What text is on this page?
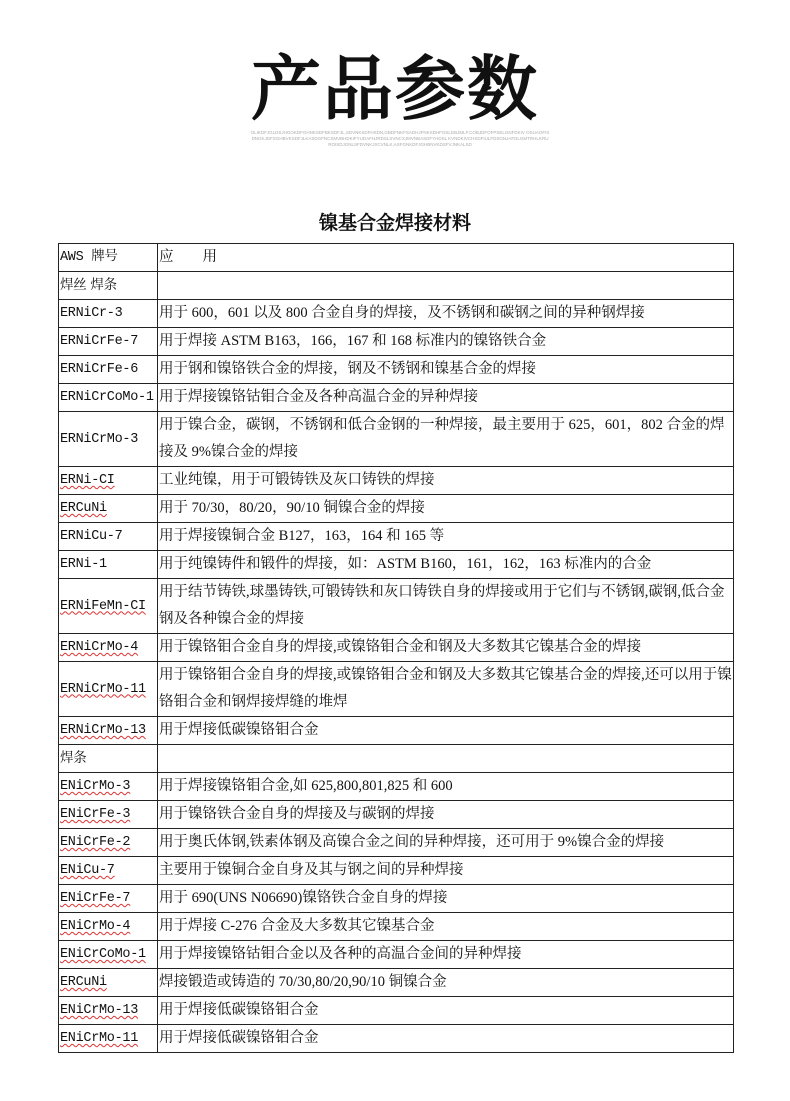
产品参数
OLIKDFJGLDSJHGOKDFGHNKSDFBKSDFJL,SDVNKSDFHSDN,GBDFNKFSADHJFNKSDHFOSLDBJMLF.COBJDFOFPSELGNFDKIV OSUAOFISDNGKJDFSGHBVKSDFJLKASDGFNCXMVBHDKIFYUDAFHJRDSLSVNCXJMVNBASDFYHDSL KVNDKIVCHSDFIULFDSGNJAFDLGMTRHLKRUROISDJGNLSFDVNKJXCVNLK,ASFGNKDFJGHBNVKDSFVJNKALSD
镍基合金焊接材料
AWS 牌号	应　　用
焊丝 焊条	
ERNiCr-3	用于 600，601 以及 800 合金自身的焊接，及不锈钢和碳钢之间的异种钢焊接
ERNiCrFe-7	用于焊接 ASTM B163，166，167 和 168 标准内的镍铬铁合金
ERNiCrFe-6	用于钢和镍铬铁合金的焊接，钢及不锈钢和镍基合金的焊接
ERNiCrCoMo-1	用于焊接镍铬钴钼合金及各种高温合金的异种焊接
ERNiCrMo-3	用于镍合金，碳钢，不锈钢和低合金钢的一种焊接，最主要用于 625，601，802 合金的焊接及 9%镍合金的焊接
ERNi-CI	工业纯镍，用于可锻铸铁及灰口铸铁的焊接
ERCuNi	用于 70/30，80/20，90/10 铜镍合金的焊接
ERNiCu-7	用于焊接镍铜合金 B127，163，164 和 165 等
ERNi-1	用于纯镍铸件和锻件的焊接，如：ASTM B160，161，162，163 标准内的合金
ERNiFeMn-CI	用于结节铸铁,球墨铸铁,可锻铸铁和灰口铸铁自身的焊接或用于它们与不锈钢,碳钢,低合金钢及各种镍合金的焊接
ERNiCrMo-4	用于镍铬钼合金自身的焊接,或镍铬钼合金和钢及大多数其它镍基合金的焊接
ERNiCrMo-11	用于镍铬钼合金自身的焊接,或镍铬钼合金和钢及大多数其它镍基合金的焊接,还可以用于镍铬钼合金和钢焊接焊缝的堆焊
ERNiCrMo-13	用于焊接低碳镍铬钼合金
焊条	
ENiCrMo-3	用于焊接镍铬钼合金,如 625,800,801,825 和 600
ENiCrFe-3	用于镍铬铁合金自身的焊接及与碳钢的焊接
ENiCrFe-2	用于奥氏体钢,铁素体钢及高镍合金之间的异种焊接，还可用于 9%镍合金的焊接
ENiCu-7	主要用于镍铜合金自身及其与钢之间的异种焊接
ENiCrFe-7	用于 690(UNS N06690)镍铬铁合金自身的焊接
ENiCrMo-4	用于焊接 C-276 合金及大多数其它镍基合金
ENiCrCoMo-1	用于焊接镍铬钴钼合金以及各种的高温合金间的异种焊接
ERCuNi	焊接锻造或铸造的 70/30,80/20,90/10 铜镍合金
ENiCrMo-13	用于焊接低碳镍铬钼合金
ENiCrMo-11	用于焊接低碳镍铬钼合金
